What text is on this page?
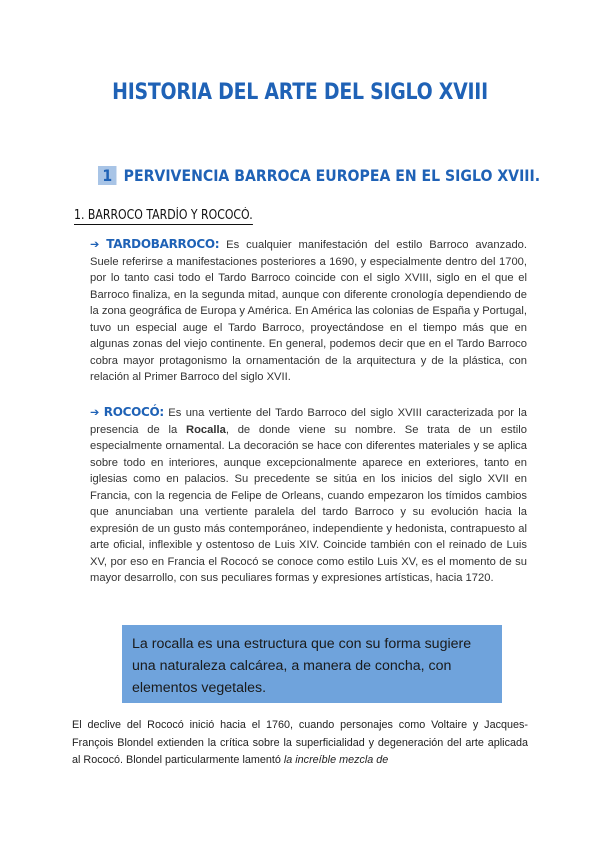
HISTORIA DEL ARTE DEL SIGLO XVIII
1 PERVIVENCIA BARROCA EUROPEA EN EL SIGLO XVIII.
1. BARROCO TARDÍO Y ROCOCÓ.

➔ TARDOBARROCO: Es cualquier manifestación del estilo Barroco avanzado. Suele referirse a manifestaciones posteriores a 1690, y especialmente dentro del 1700, por lo tanto casi todo el Tardo Barroco coincide con el siglo XVIII, siglo en el que el Barroco finaliza, en la segunda mitad, aunque con diferente cronología dependiendo de la zona geográfica de Europa y América. En América las colonias de España y Portugal, tuvo un especial auge el Tardo Barroco, proyectándose en el tiempo más que en algunas zonas del viejo continente. En general, podemos decir que en el Tardo Barroco cobra mayor protagonismo la ornamentación de la arquitectura y de la plástica, con relación al Primer Barroco del siglo XVII.

➔ ROCOCÓ: Es una vertiente del Tardo Barroco del siglo XVIII caracterizada por la presencia de la Rocalla, de donde viene su nombre. Se trata de un estilo especialmente ornamental. La decoración se hace con diferentes materiales y se aplica sobre todo en interiores, aunque excepcionalmente aparece en exteriores, tanto en iglesias como en palacios. Su precedente se sitúa en los inicios del siglo XVII en Francia, con la regencia de Felipe de Orleans, cuando empezaron los tímidos cambios que anunciaban una vertiente paralela del tardo Barroco y su evolución hacia la expresión de un gusto más contemporáneo, independiente y hedonista, contrapuesto al arte oficial, inflexible y ostentoso de Luis XIV. Coincide también con el reinado de Luis XV, por eso en Francia el Rococó se conoce como estilo Luis XV, es el momento de su mayor desarrollo, con sus peculiares formas y expresiones artísticas, hacia 1720.

La rocalla es una estructura que con su forma sugiere una naturaleza calcárea, a manera de concha, con elementos vegetales.
El declive del Rococó inició hacia el 1760, cuando personajes como Voltaire y Jacques-François Blondel extienden la crítica sobre la superficialidad y degeneración del arte aplicada al Rococó. Blondel particularmente lamentó la increíble mezcla de
